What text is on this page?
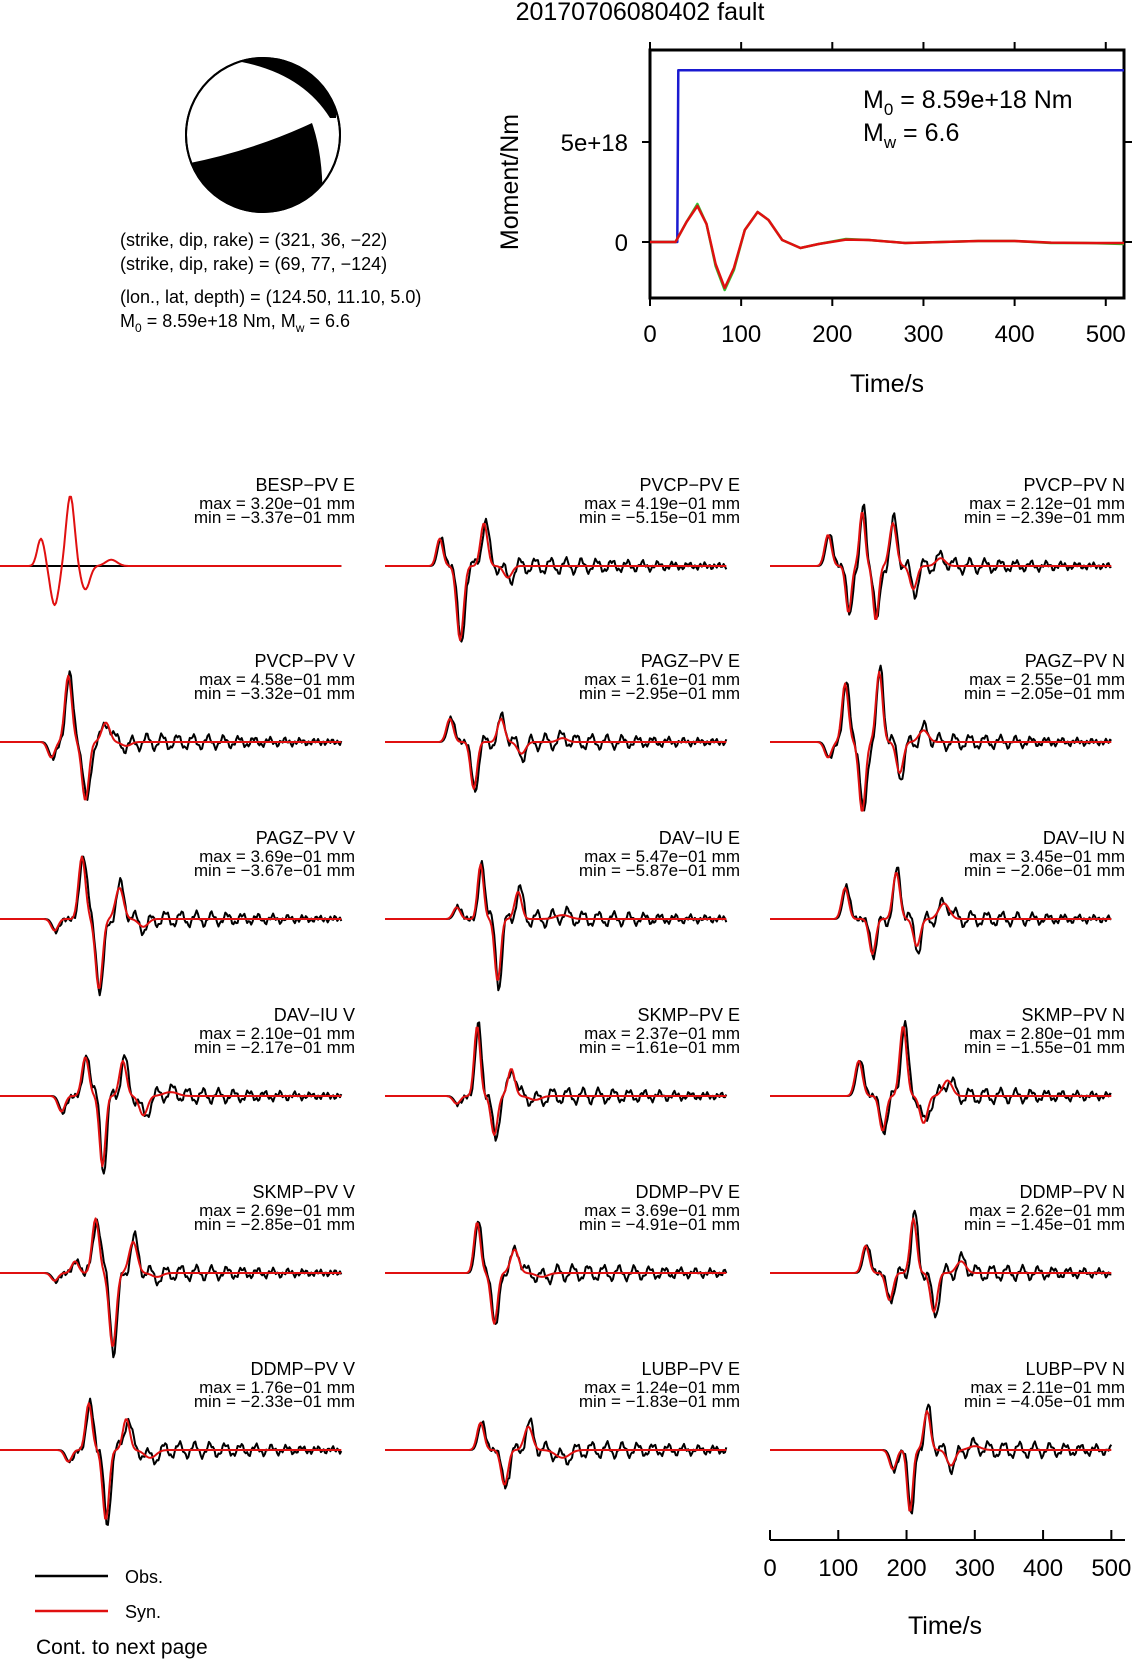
20170706080402 fault
(strike, dip, rake) = (321, 36, −22)
(strike, dip, rake) = (69, 77, −124)
(lon., lat, depth) = (124.50, 11.10, 5.0)
$M_0 = 8.59e+18$ Nm, $M_w = 6.6$
Moment/Nm
Time/s
$M_0 = 8.59e+18$ Nm
$M_w = 6.6$
0	100 200 300 400 500
5e+18
0
BESP−PV E
max = 3.20e−01 mm
min = −3.37e−01 mm
PVCP−PV E
max = 4.19e−01 mm
min = −5.15e−01 mm
PVCP−PV N
max = 2.12e−01 mm
min = −2.39e−01 mm
PVCP−PV V
max = 4.58e−01 mm
min = −3.32e−01 mm
PAGZ−PV E
max = 1.61e−01 mm
min = −2.95e−01 mm
PAGZ−PV N
max = 2.55e−01 mm
min = −2.05e−01 mm
PAGZ−PV V
max = 3.69e−01 mm
min = −3.67e−01 mm
DAV−IU E
max = 5.47e−01 mm
min = −5.87e−01 mm
DAV−IU N
max = 3.45e−01 mm
min = −2.06e−01 mm
DAV−IU V
max = 2.10e−01 mm
min = −2.17e−01 mm
SKMP−PV E
max = 2.37e−01 mm
min = −1.61e−01 mm
SKMP−PV N
max = 2.80e−01 mm
min = −1.55e−01 mm
SKMP−PV V
max = 2.69e−01 mm
min = −2.85e−01 mm
DDMP−PV E
max = 3.69e−01 mm
min = −4.91e−01 mm
DDMP−PV N
max = 2.62e−01 mm
min = −1.45e−01 mm
DDMP−PV V
max = 1.76e−01 mm
min = −2.33e−01 mm
LUBP−PV E
max = 1.24e−01 mm
min = −1.83e−01 mm
LUBP−PV N
max = 2.11e−01 mm
min = −4.05e−01 mm
Time/s
0 100 200 300 400 500
Obs.
Syn.
Cont. to next page
